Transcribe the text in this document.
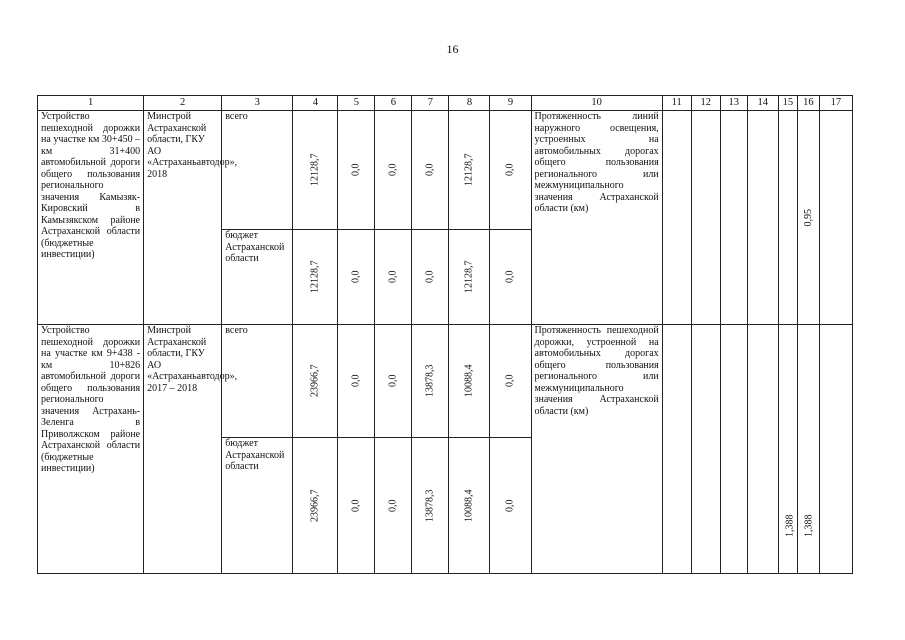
16
1	2	3	4	5	6	7	8	9	10	11	12	13	14	15	16	17
Устройство пешеходной дорожки на участке км 30+450 – км 31+400 автомобильной дороги общего пользования регионального значения Камызяк-Кировский в Камызякском районе Астраханской области (бюджетные инвестиции)	Минстрой Астраханской области, ГКУ АО «Астраханьавтодор», 2018	всего	12128,7	0,0	0,0	0,0	12128,7	0,0	Протяженность линий наружного освещения, устроенных на автомобильных дорогах общего пользования регионального или межмуниципального значения Астраханской области (км)						0,95	
		бюджет Астраханской области	12128,7	0,0	0,0	0,0	12128,7	0,0								
Устройство пешеходной дорожки на участке км 9+438 - км 10+826 автомобильной дороги общего пользования регионального значения Астрахань-Зеленга в Приволжском районе Астраханской области (бюджетные инвестиции)	Минстрой Астраханской области, ГКУ АО «Астраханьавтодор», 2017 – 2018	всего	23966,7	0,0	0,0	13878,3	10088,4	0,0	Протяженность пешеходной дорожки, устроенной на автомобильных дорогах общего пользования регионального или межмуниципального значения Астраханской области (км)					1,388	1,388	
		бюджет Астраханской области	23966,7	0,0	0,0	13878,3	10088,4	0,0								
